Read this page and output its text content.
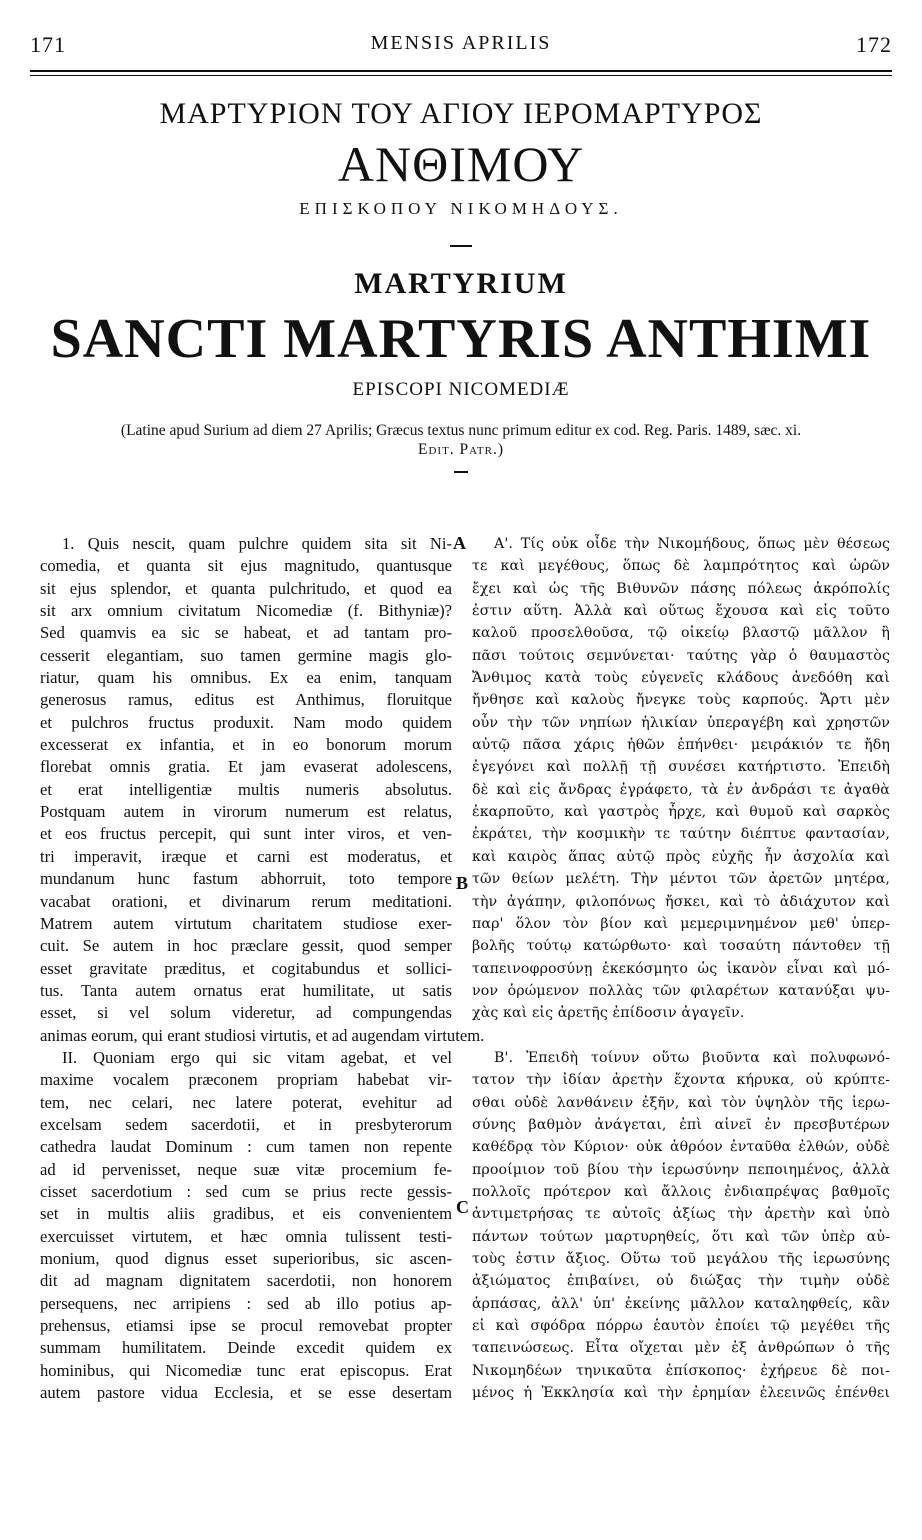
171	MENSIS APRILIS	172
ΜΑΡΤΥΡΙΟΝ ΤΟΥ ΑΓΙΟΥ ΙΕΡΟΜΑΡΤΥΡΟΣ
ΑΝΘΙΜΟΥ
ΕΠΙΣΚΟΠΟΥ ΝΙΚΟΜΗΔΟΥΣ.
MARTYRIUM
SANCTI MARTYRIS ANTHIMI
EPISCOPI NICOMEDIÆ
(Latine apud Surium ad diem 27 Aprilis; Græcus textus nunc primum editur ex cod. Reg. Paris. 1489, sæc. xi.
Edit. Patr.)
A
B
C
1. Quis nescit, quam pulchre quidem sita sit Ni-
comedia, et quanta sit ejus magnitudo, quantusque
sit ejus splendor, et quanta pulchritudo, et quod ea
sit arx omnium civitatum Nicomediæ (f. Bithyniæ)?
Sed quamvis ea sic se habeat, et ad tantam pro-
cesserit elegantiam, suo tamen germine magis glo-
riatur, quam his omnibus. Ex ea enim, tanquam
generosus ramus, editus est Anthimus, floruitque
et pulchros fructus produxit. Nam modo quidem
excesserat ex infantia, et in eo bonorum morum
florebat omnis gratia. Et jam evaserat adolescens,
et erat intelligentiæ multis numeris absolutus.
Postquam autem in virorum numerum est relatus,
et eos fructus percepit, qui sunt inter viros, et ven-
tri imperavit, iræque et carni est moderatus, et
mundanum hunc fastum abhorruit, toto tempore
vacabat orationi, et divinarum rerum meditationi.
Matrem autem virtutum charitatem studiose exer-
cuit. Se autem in hoc præclare gessit, quod semper
esset gravitate præditus, et cogitabundus et sollici-
tus. Tanta autem ornatus erat humilitate, ut satis
esset, si vel solum videretur, ad compungendas
animas eorum, qui erant studiosi virtutis, et ad augendam virtutem.
II. Quoniam ergo qui sic vitam agebat, et vel
maxime vocalem præconem propriam habebat vir-
tem, nec celari, nec latere poterat, evehitur ad
excelsam sedem sacerdotii, et in presbyterorum
cathedra laudat Dominum : cum tamen non repente
ad id pervenisset, neque suæ vitæ procemium fe-
cisset sacerdotium : sed cum se prius recte gessis-
set in multis aliis gradibus, et eis convenientem
exercuisset virtutem, et hæc omnia tulissent testi-
monium, quod dignus esset superioribus, sic ascen-
dit ad magnam dignitatem sacerdotii, non honorem
persequens, nec arripiens : sed ab illo potius ap-
prehensus, etiamsi ipse se procul removebat propter
summam humilitatem. Deinde excedit quidem ex
hominibus, qui Nicomediæ tunc erat episcopus. Erat
autem pastore vidua Ecclesia, et se esse desertam
Α'. Τίς οὐκ οἶδε τὴν Νικομήδους, ὅπως μὲν θέσεως
τε καὶ μεγέθους, ὅπως δὲ λαμπρότητος καὶ ὡρῶν
ἔχει καὶ ὡς τῆς Βιθυνῶν πάσης πόλεως ἀκρόπολίς
ἐστιν αὕτη. Ἀλλὰ καὶ οὕτως ἔχουσα καὶ εἰς τοῦτο
καλοῦ προσελθοῦσα, τῷ οἰκείῳ βλαστῷ μᾶλλον ἢ
πᾶσι τούτοις σεμνύνεται· ταύτης γὰρ ὁ θαυμαστὸς
Ἄνθιμος κατὰ τοὺς εὐγενεῖς κλάδους ἀνεδόθη καὶ
ἤνθησε καὶ καλοὺς ἤνεγκε τοὺς καρπούς. Ἄρτι μὲν
οὖν τὴν τῶν νηπίων ἡλικίαν ὑπεραγέβη καὶ χρηστῶν
αὐτῷ πᾶσα χάρις ἠθῶν ἐπήνθει· μειράκιόν τε ἤδη
ἐγεγόνει καὶ πολλῇ τῇ συνέσει κατήρτιστο. Ἐπειδὴ
δὲ καὶ εἰς ἄνδρας ἐγράφετο, τὰ ἐν ἀνδράσι τε ἀγαθὰ
ἐκαρποῦτο, καὶ γαστρὸς ἦρχε, καὶ θυμοῦ καὶ σαρκὸς
ἐκράτει, τὴν κοσμικὴν τε ταύτην διέπτυε φαντασίαν,
καὶ καιρὸς ἅπας αὐτῷ πρὸς εὐχῆς ἦν ἀσχολία καὶ
τῶν θείων μελέτη. Τὴν μέντοι τῶν ἀρετῶν μητέρα,
τὴν ἀγάπην, φιλοπόνως ἤσκει, καὶ τὸ ἀδιάχυτον καὶ
παρ' ὅλον τὸν βίον καὶ μεμεριμνημένον μεθ' ὑπερ-
βολῆς τούτῳ κατώρθωτο· καὶ τοσαύτη πάντοθεν τῇ
ταπεινοφροσύνῃ ἐκεκόσμητο ὡς ἱκανὸν εἶναι καὶ μό-
νον ὁρώμενον πολλὰς τῶν φιλαρέτων κατανύξαι ψυ-
χὰς καὶ εἰς ἀρετῆς ἐπίδοσιν ἀγαγεῖν.

Β'. Ἐπειδὴ τοίνυν οὕτω βιοῦντα καὶ πολυφωνό-
τατον τὴν ἰδίαν ἀρετὴν ἔχοντα κήρυκα, οὐ κρύπτε-
σθαι οὐδὲ λανθάνειν ἐξῆν, καὶ τὸν ὑψηλὸν τῆς ἱερω-
σύνης βαθμὸν ἀνάγεται, ἐπὶ αἰνεῖ ἐν πρεσβυτέρων
καθέδρᾳ τὸν Κύριον· οὐκ ἀθρόον ἐνταῦθα ἐλθών, οὐδὲ
προοίμιον τοῦ βίου τὴν ἱερωσύνην πεποιημένος, ἀλλὰ
πολλοῖς πρότερον καὶ ἄλλοις ἐνδιαπρέψας βαθμοῖς
ἀντιμετρήσας τε αὐτοῖς ἀξίως τὴν ἀρετὴν καὶ ὑπὸ
πάντων τούτων μαρτυρηθείς, ὅτι καὶ τῶν ὑπὲρ αὐ-
τοὺς ἐστιν ἄξιος. Οὕτω τοῦ μεγάλου τῆς ἱερωσύνης
ἀξιώματος ἐπιβαίνει, οὐ διώξας τὴν τιμὴν οὐδὲ
ἁρπάσας, ἀλλ' ὑπ' ἐκείνης μᾶλλον καταληφθείς, κἂν
εἰ καὶ σφόδρα πόρρω ἑαυτὸν ἐποίει τῷ μεγέθει τῆς
ταπεινώσεως. Εἶτα οἴχεται μὲν ἐξ ἀνθρώπων ὁ τῆς
Νικομηδέων τηνικαῦτα ἐπίσκοπος· ἐχήρευε δὲ ποι-
μένος ἡ Ἐκκλησία καὶ τὴν ἐρημίαν ἐλεεινῶς ἐπένθει
